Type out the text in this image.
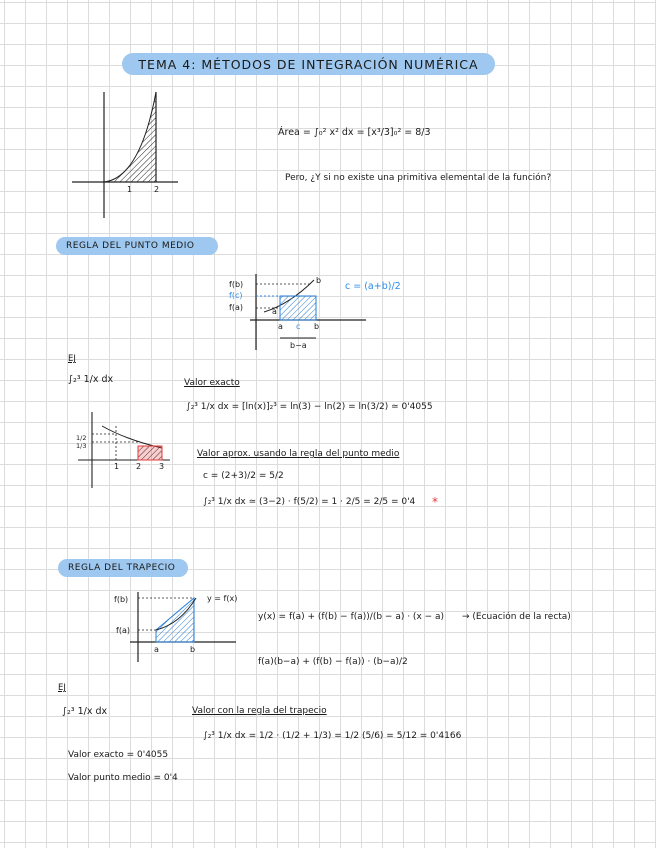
TEMA 4: MÉTODOS DE INTEGRACIÓN NUMÉRICA
1	2
Área = ∫₀² x² dx = [x³/3]₀² = 8/3
Pero, ¿Y si no existe una primitiva elemental de la función?
REGLA DEL PUNTO MEDIO
f(b)
f(c)
f(a)	a
b
a c b
b−a
c = (a+b)/2
EJ
∫₂³ 1/x dx	Valor exacto
∫₂³ 1/x dx = [ln(x)]₂³ = ln(3) − ln(2) = ln(3/2) ≃ 0'4055
1/2
1/3
1 2 3
Valor aprox. usando la regla del punto medio
c = (2+3)/2 = 5/2
∫₂³ 1/x dx ≃ (3−2) · f(5/2) = 1 · 2/5 = 2/5 = 0'4 *
REGLA DEL TRAPECIO
f(b)
f(a)
a	b
y = f(x)
y(x) = f(a) + (f(b) − f(a))/(b − a) · (x − a) → (Ecuación de la recta)
f(a)(b−a) + (f(b) − f(a)) · (b−a)/2
EJ
∫₂³ 1/x dx	Valor con la regla del trapecio
∫₂³ 1/x dx = 1/2 · (1/2 + 1/3) = 1/2 (5/6) = 5/12 = 0'4166
Valor exacto = 0'4055
Valor punto medio = 0'4
